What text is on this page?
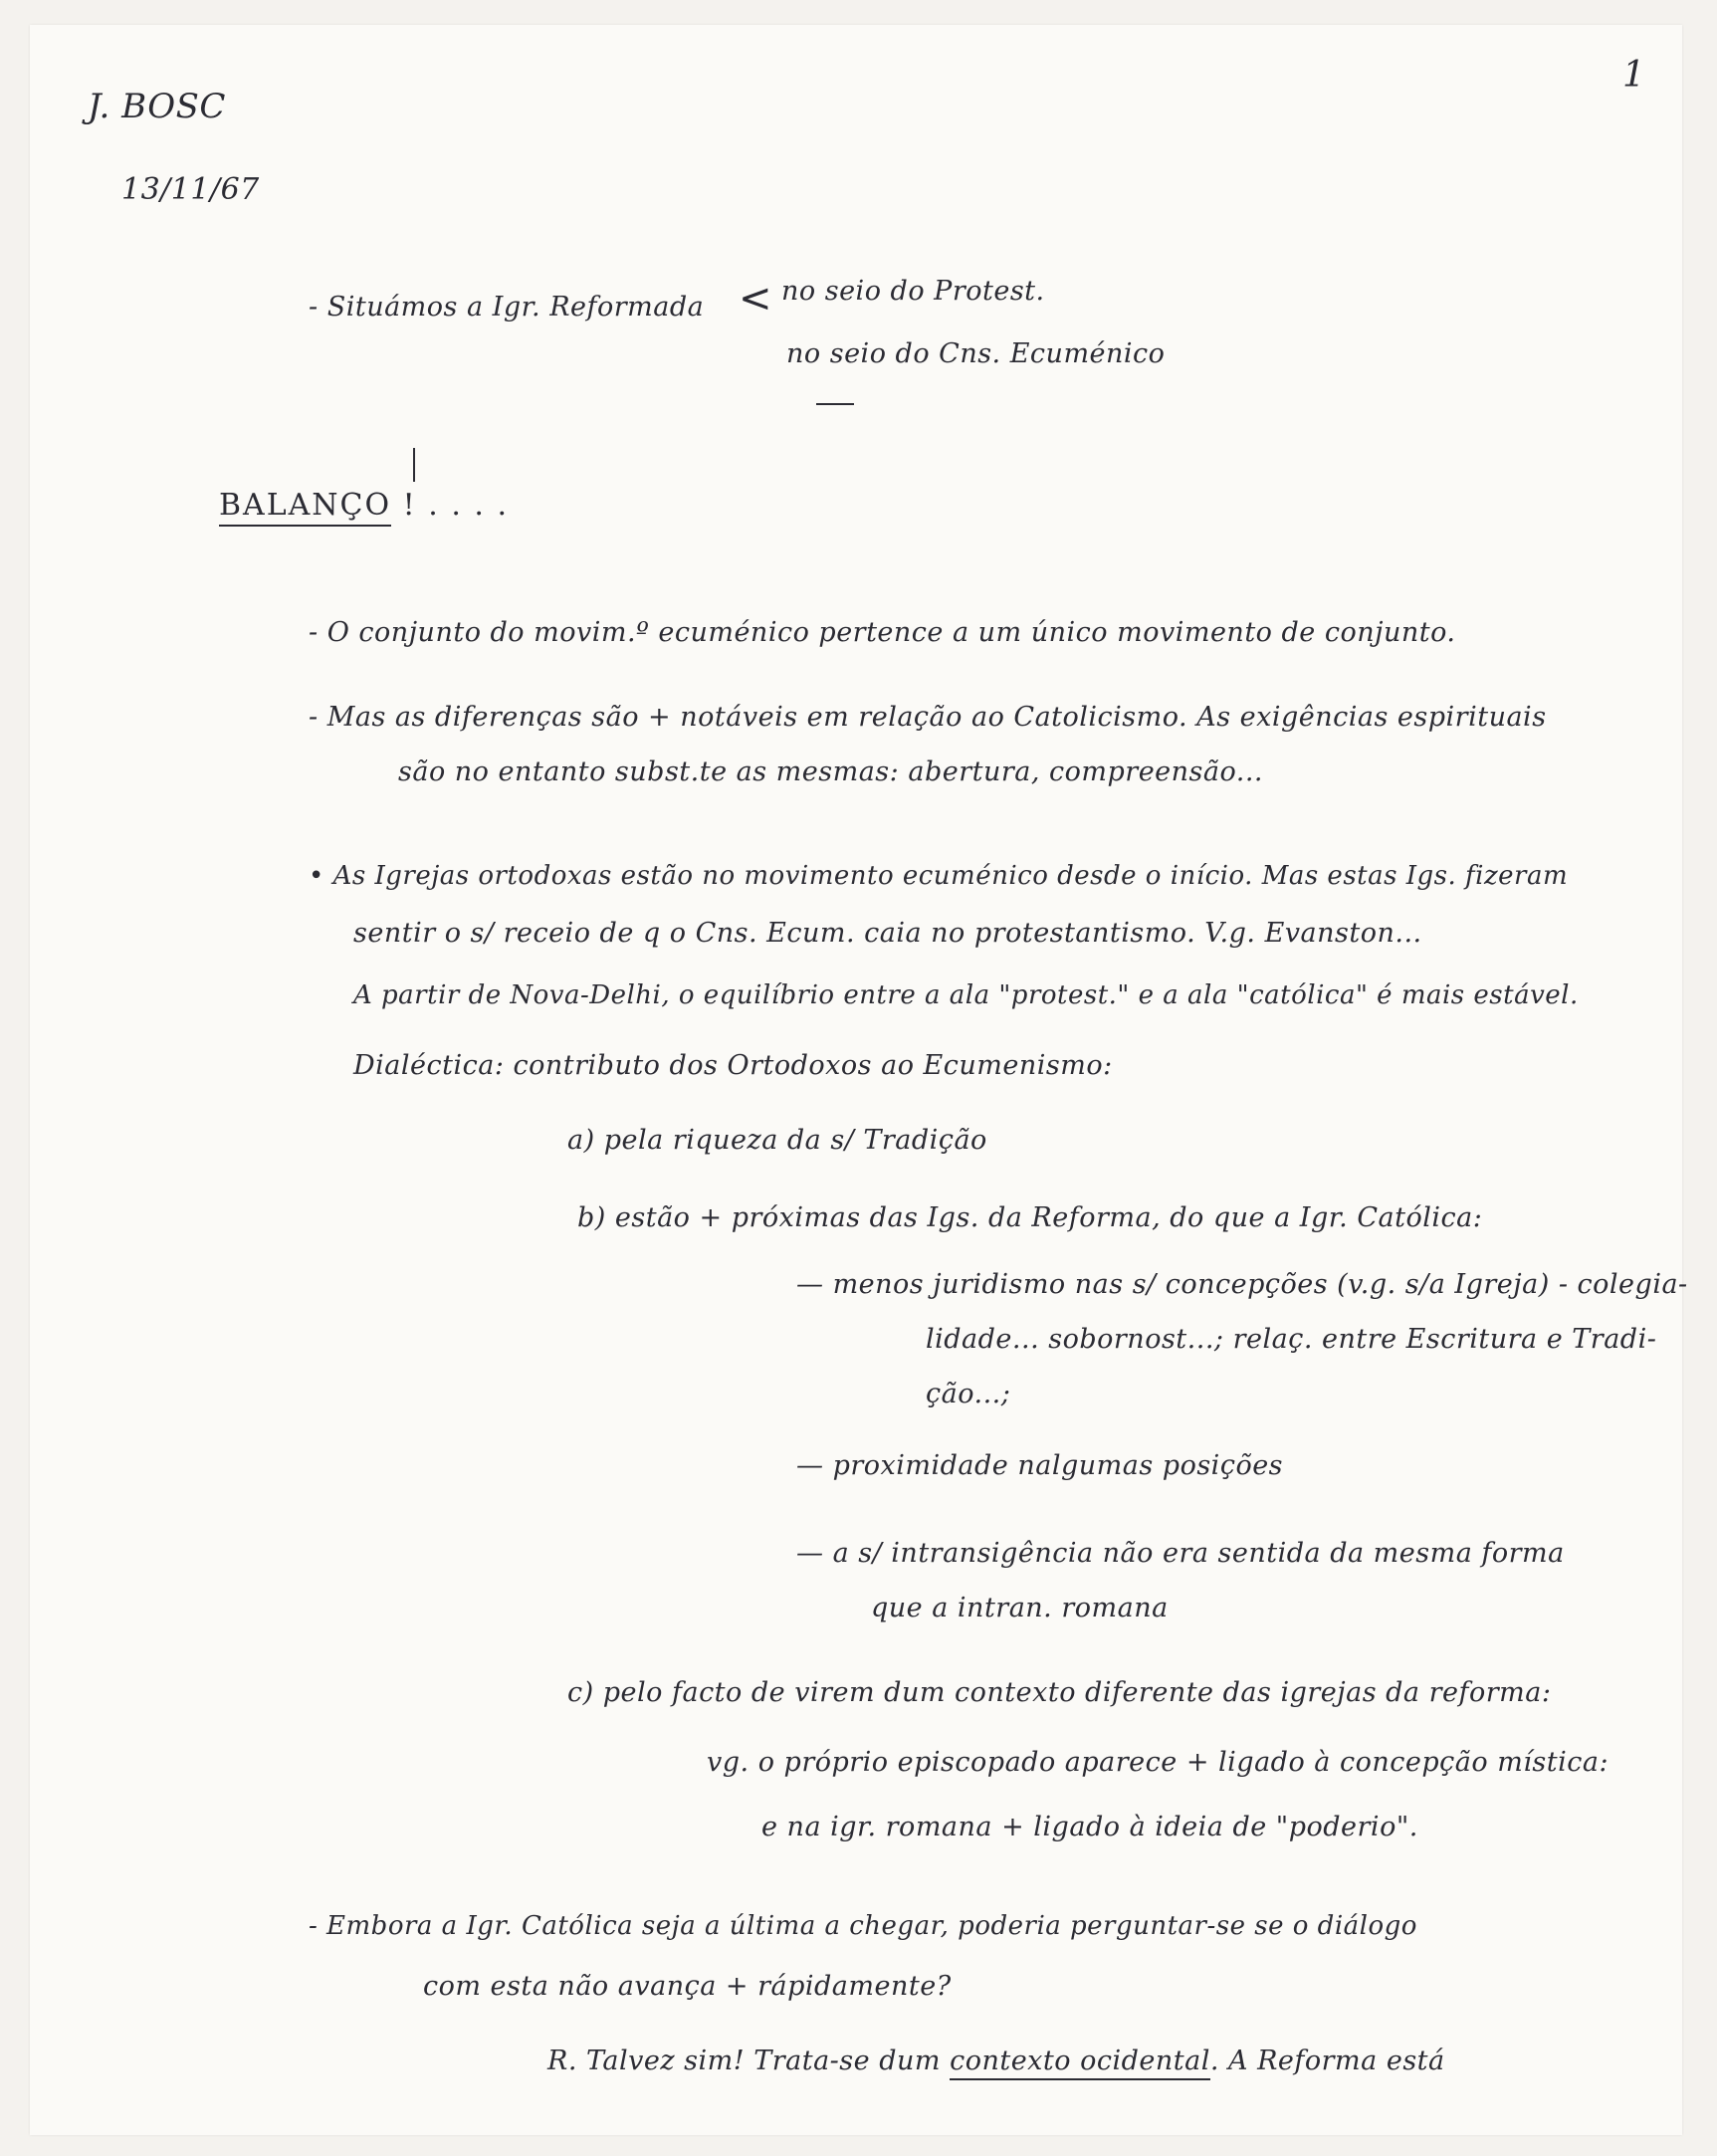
J. BOSC
13/11/67
1
- Situámos a Igr. Reformada < no seio do Protest.
no seio do Cns. Ecuménico
BALANÇO ! . . . .
- O conjunto do movim.º ecuménico pertence a um único movimento de conjunto.
- Mas as diferenças são + notáveis em relação ao Catolicismo. As exigências espirituais
são no entanto subst.te as mesmas: abertura, compreensão...
• As Igrejas ortodoxas estão no movimento ecuménico desde o início. Mas estas Igs. fizeram
sentir o s/ receio de q o Cns. Ecum. caia no protestantismo. V.g. Evanston...
A partir de Nova-Delhi, o equilíbrio entre a ala "protest." e a ala "católica" é mais estável.
Dialéctica: contributo dos Ortodoxos ao Ecumenismo:
a) pela riqueza da s/ Tradição
b) estão + próximas das Igs. da Reforma, do que a Igr. Católica:
— menos juridismo nas s/ concepções (v.g. s/a Igreja) - colegia-
lidade... sobornost...; relaç. entre Escritura e Tradi-
ção...;
— proximidade nalgumas posições
— a s/ intransigência não era sentida da mesma forma
que a intran. romana
c) pelo facto de virem dum contexto diferente das igrejas da reforma:
vg. o próprio episcopado aparece + ligado à concepção mística:
e na igr. romana + ligado à ideia de "poderio".
- Embora a Igr. Católica seja a última a chegar, poderia perguntar-se se o diálogo
com esta não avança + rápidamente?
R. Talvez sim! Trata-se dum contexto ocidental. A Reforma está
